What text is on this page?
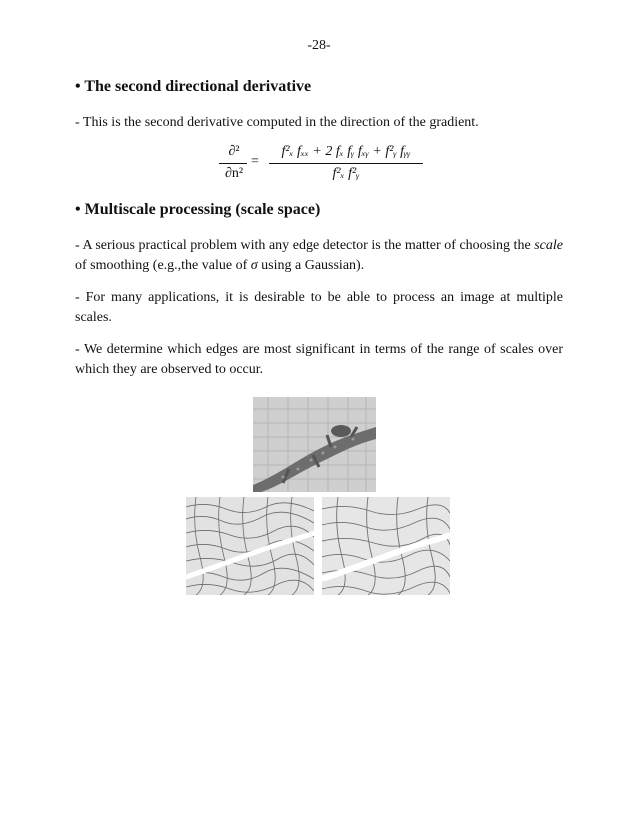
-28-
• The second directional derivative
- This is the second derivative computed in the direction of the gradient.
∂²
∂n²
=
f²ₓ fₓₓ + 2 fₓ fᵧ fₓᵧ + f²ᵧ fᵧᵧ
f²ₓ f²ᵧ
• Multiscale processing (scale space)
- A serious practical problem with any edge detector is the matter of choosing the scale of smoothing (e.g.,the value of σ using a Gaussian).
- For many applications, it is desirable to be able to process an image at multiple scales.
- We determine which edges are most significant in terms of the range of scales over which they are observed to occur.
